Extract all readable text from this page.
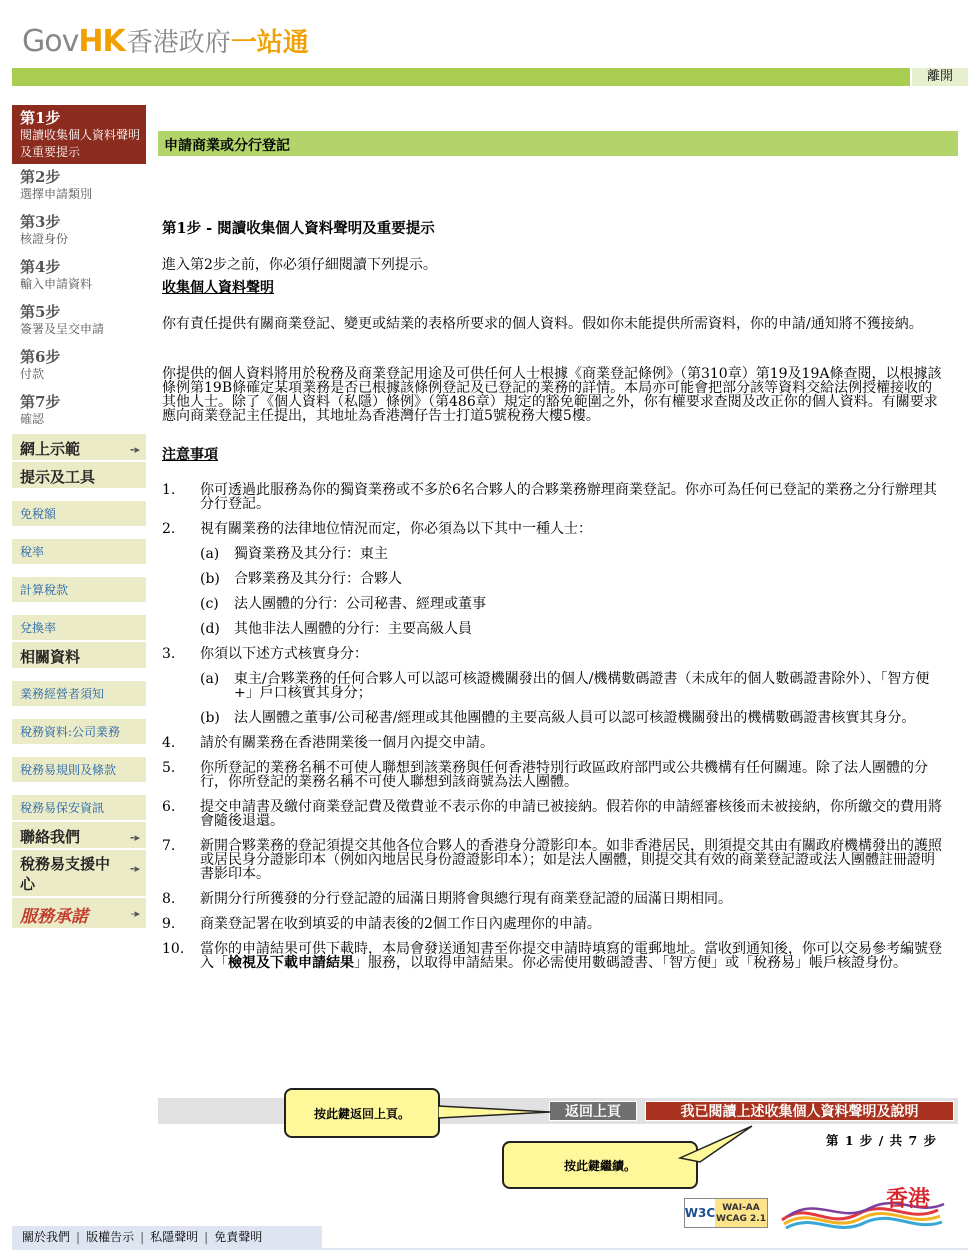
Gov HK 香港政府 一站通
離開
第1步
閱讀收集個人資料聲明及重要提示
第2步
選擇申請類別
第3步
核證身份
第4步
輸入申請資料
第5步
簽署及呈交申請
第6步
付款
第7步
確認
網上示範	-▸
提示及工具
免稅額
稅率
計算稅款
兌換率
相關資料
業務經營者須知
稅務資料:公司業務
稅務易規則及條款
稅務易保安資訊
聯絡我們	-▸
稅務易支援中心
-▸
服務承諾	-▸
申請商業或分行登記
第1步 - 閱讀收集個人資料聲明及重要提示
進入第2步之前，你必須仔細閱讀下列提示。
收集個人資料聲明
你有責任提供有關商業登記、變更或結業的表格所要求的個人資料。假如你未能提供所需資料，你的申請/通知將不獲接納。
你提供的個人資料將用於稅務及商業登記用途及可供任何人士根據《商業登記條例》（第310章）第19及19A條查閱，以根據該條例第19B條確定某項業務是否已根據該條例登記及已登記的業務的詳情。本局亦可能會把部分該等資料交給法例授權接收的其他人士。除了《個人資料（私隱）條例》（第486章）規定的豁免範圍之外，你有權要求查閱及改正你的個人資料。有關要求應向商業登記主任提出，其地址為香港灣仔告士打道5號稅務大樓5樓。
注意事項
1.	你可透過此服務為你的獨資業務或不多於6名合夥人的合夥業務辦理商業登記。你亦可為任何已登記的業務之分行辦理其分行登記。
2.	視有關業務的法律地位情況而定，你必須為以下其中一種人士：
(a)	獨資業務及其分行：東主
(b)	合夥業務及其分行：合夥人
(c)	法人團體的分行：公司秘書、經理或董事
(d)	其他非法人團體的分行：主要高級人員
3.	你須以下述方式核實身分：
(a)	東主/合夥業務的任何合夥人可以認可核證機關發出的個人/機構數碼證書（未成年的個人數碼證書除外）、「智方便+」戶口核實其身分；
(b)	法人團體之董事/公司秘書/經理或其他團體的主要高級人員可以認可核證機關發出的機構數碼證書核實其身分。
4.	請於有關業務在香港開業後一個月內提交申請。
5.	你所登記的業務名稱不可使人聯想到該業務與任何香港特別行政區政府部門或公共機構有任何關連。除了法人團體的分行，你所登記的業務名稱不可使人聯想到該商號為法人團體。
6.	提交申請書及繳付商業登記費及徵費並不表示你的申請已被接納。假若你的申請經審核後而未被接納，你所繳交的費用將會隨後退還。
7.	新開合夥業務的登記須提交其他各位合夥人的香港身分證影印本。如非香港居民，則須提交其由有關政府機構發出的護照或居民身分證影印本（例如內地居民身份證證影印本）；如是法人團體，則提交其有效的商業登記證或法人團體註冊證明書影印本。
8.	新開分行所獲發的分行登記證的屆滿日期將會與總行現有商業登記證的屆滿日期相同。
9.	商業登記署在收到填妥的申請表後的2個工作日內處理你的申請。
10.	當你的申請結果可供下載時，本局會發送通知書至你提交申請時填寫的電郵地址。當收到通知後，你可以交易參考編號登入「檢視及下載申請結果」服務，以取得申請結果。你必需使用數碼證書、「智方便」或「稅務易」帳戶核證身份。
返回上頁	我已閱讀上述收集個人資料聲明及說明
第 1 步 / 共 7 步
按此鍵返回上頁。
按此鍵繼續。
W3C WAI-AA
WCAG 2.1
香港
關於我們 | 版權告示 | 私隱聲明 | 免責聲明
